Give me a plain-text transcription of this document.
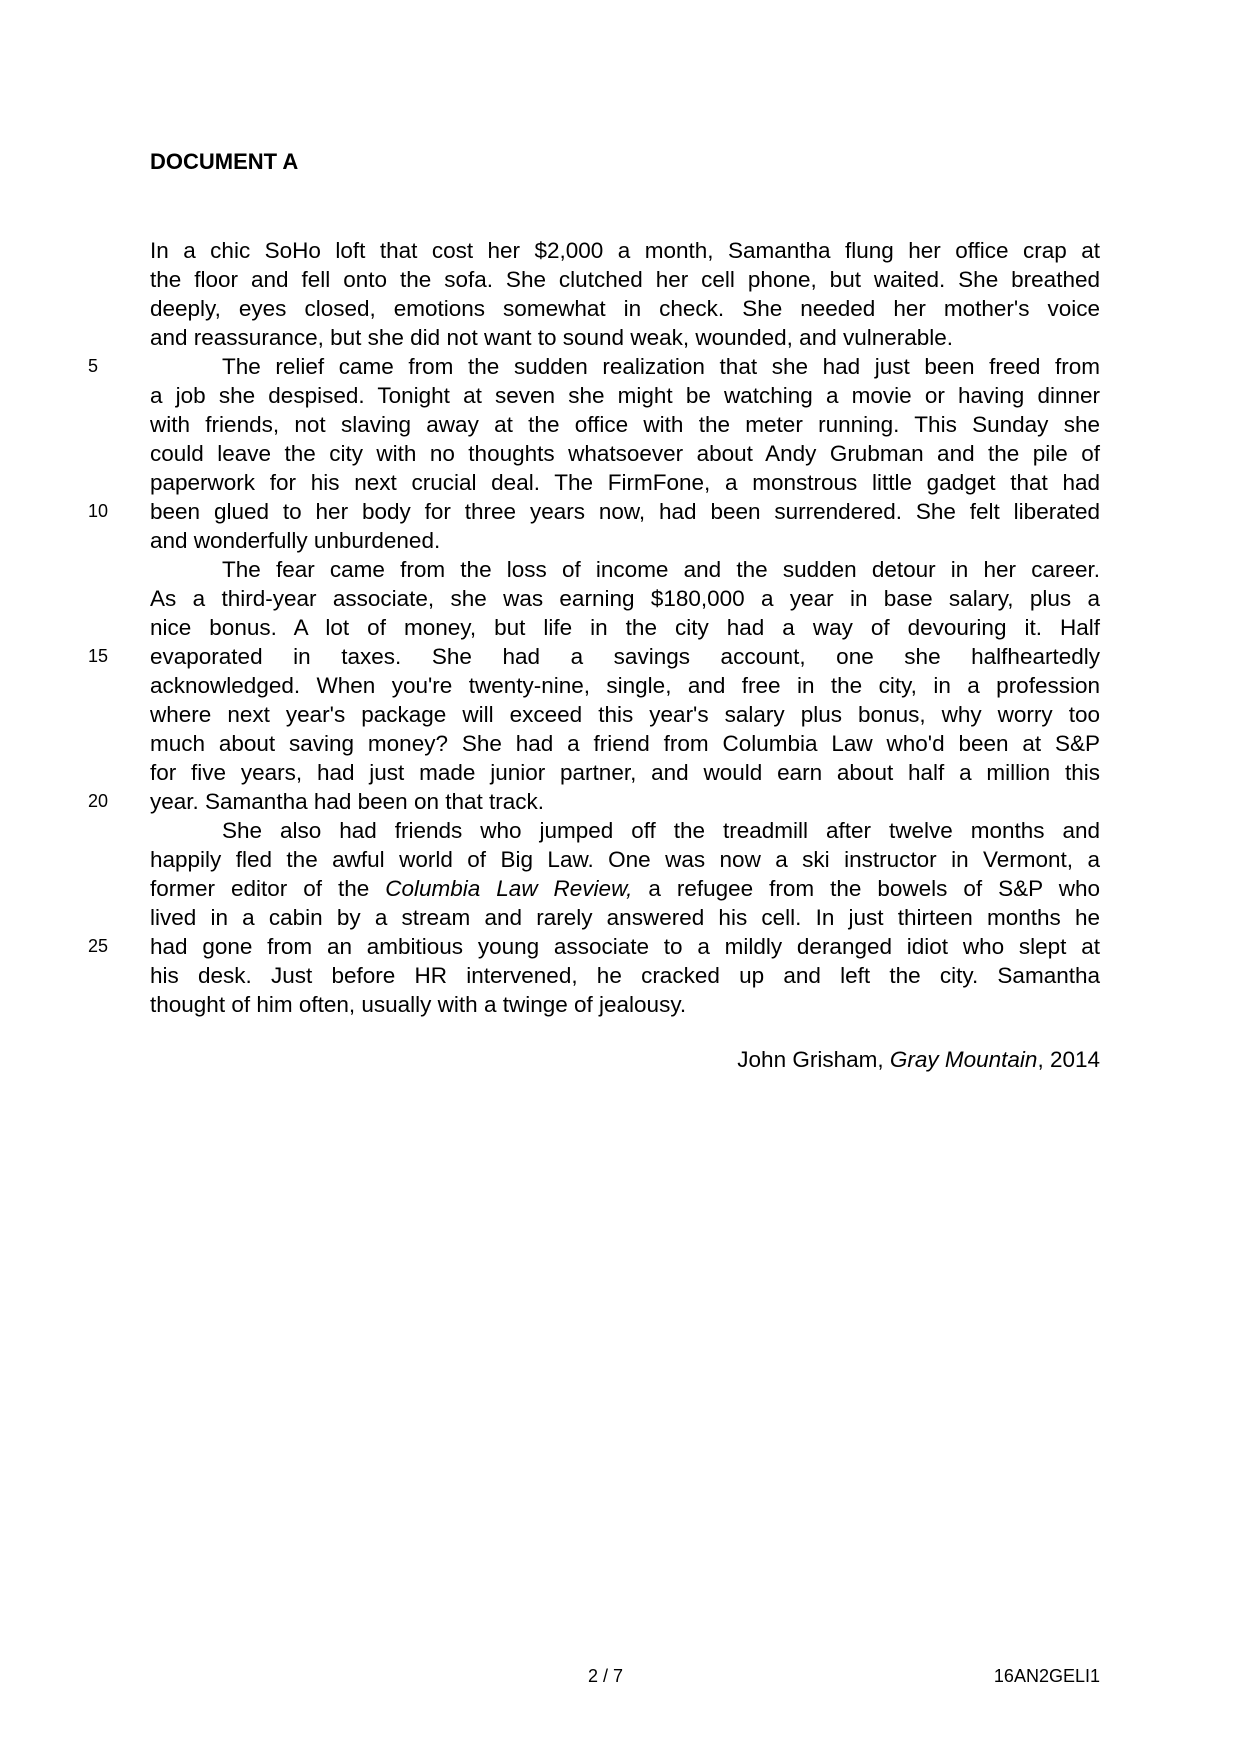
DOCUMENT A
In a chic SoHo loft that cost her $2,000 a month, Samantha flung her office crap at
the floor and fell onto the sofa. She clutched her cell phone, but waited. She breathed
deeply, eyes closed, emotions somewhat in check. She needed her mother's voice
and reassurance, but she did not want to sound weak, wounded, and vulnerable.
5	The relief came from the sudden realization that she had just been freed from
a job she despised. Tonight at seven she might be watching a movie or having dinner
with friends, not slaving away at the office with the meter running. This Sunday she
could leave the city with no thoughts whatsoever about Andy Grubman and the pile of
paperwork for his next crucial deal. The FirmFone, a monstrous little gadget that had
10	been glued to her body for three years now, had been surrendered. She felt liberated
and wonderfully unburdened.
The fear came from the loss of income and the sudden detour in her career.
As a third-year associate, she was earning $180,000 a year in base salary, plus a
nice bonus. A lot of money, but life in the city had a way of devouring it. Half
15	evaporated in taxes. She had a savings account, one she halfheartedly
acknowledged. When you're twenty-nine, single, and free in the city, in a profession
where next year's package will exceed this year's salary plus bonus, why worry too
much about saving money? She had a friend from Columbia Law who'd been at S&P
for five years, had just made junior partner, and would earn about half a million this
20	year. Samantha had been on that track.
She also had friends who jumped off the treadmill after twelve months and
happily fled the awful world of Big Law. One was now a ski instructor in Vermont, a
former editor of the Columbia Law Review, a refugee from the bowels of S&P who
lived in a cabin by a stream and rarely answered his cell. In just thirteen months he
25	had gone from an ambitious young associate to a mildly deranged idiot who slept at
his desk. Just before HR intervened, he cracked up and left the city. Samantha
thought of him often, usually with a twinge of jealousy.
John Grisham, Gray Mountain, 2014
2 / 7	16AN2GELI1
